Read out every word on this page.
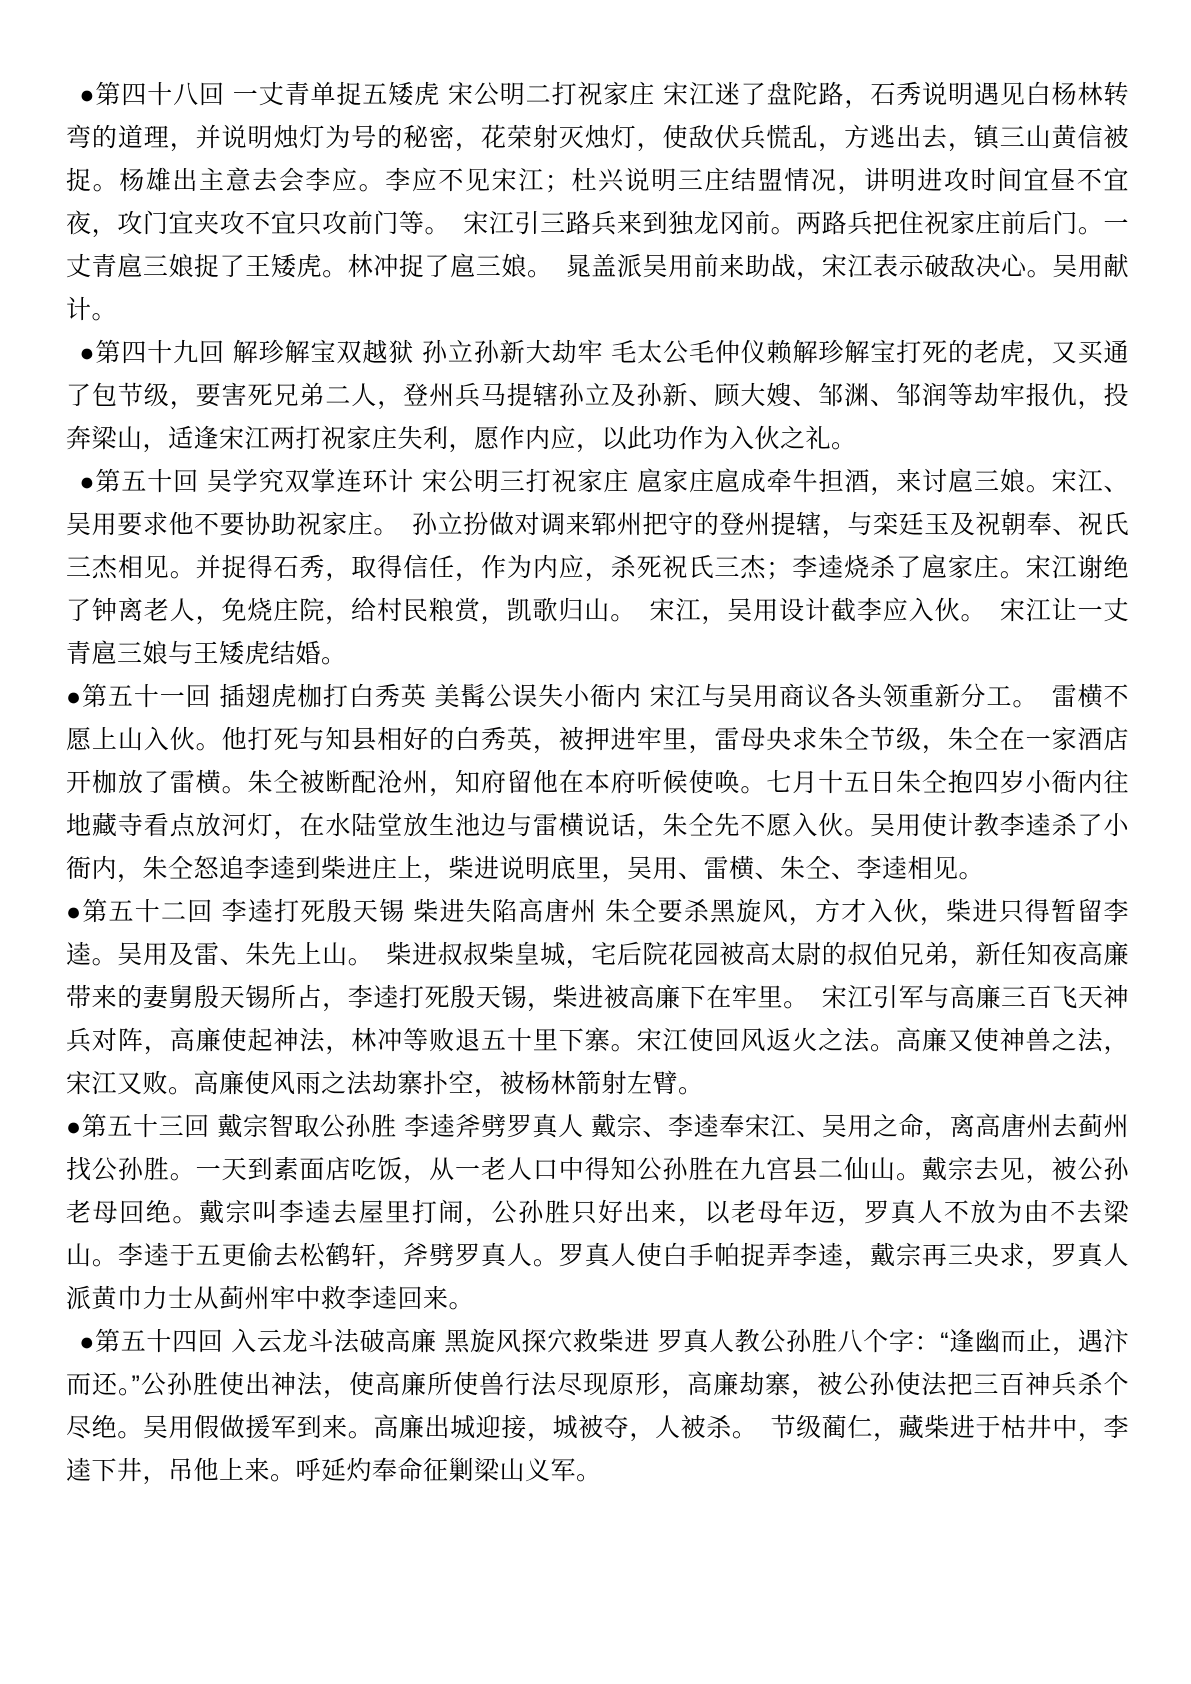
 ●第四十八回 一丈青单捉五矮虎 宋公明二打祝家庄 宋江迷了盘陀路，石秀说明遇见白杨林转弯的道理，并说明烛灯为号的秘密，花荣射灭烛灯，使敌伏兵慌乱，方逃出去，镇三山黄信被捉。杨雄出主意去会李应。李应不见宋江；杜兴说明三庄结盟情况，讲明进攻时间宜昼不宜夜，攻门宜夹攻不宜只攻前门等。　宋江引三路兵来到独龙冈前。两路兵把住祝家庄前后门。一丈青扈三娘捉了王矮虎。林冲捉了扈三娘。　晁盖派吴用前来助战，宋江表示破敌决心。吴用献计。

 ●第四十九回 解珍解宝双越狱 孙立孙新大劫牢 毛太公毛仲仪赖解珍解宝打死的老虎，又买通了包节级，要害死兄弟二人，登州兵马提辖孙立及孙新、顾大嫂、邹渊、邹润等劫牢报仇，投奔梁山，适逢宋江两打祝家庄失利，愿作内应，以此功作为入伙之礼。

 ●第五十回 吴学究双掌连环计 宋公明三打祝家庄 扈家庄扈成牵牛担酒，来讨扈三娘。宋江、吴用要求他不要协助祝家庄。　孙立扮做对调来郓州把守的登州提辖，与栾廷玉及祝朝奉、祝氏三杰相见。并捉得石秀，取得信任，作为内应，杀死祝氏三杰；李逵烧杀了扈家庄。宋江谢绝了钟离老人，免烧庄院，给村民粮赏，凯歌归山。　宋江，吴用设计截李应入伙。　宋江让一丈青扈三娘与王矮虎结婚。

●第五十一回 插翅虎枷打白秀英 美髯公误失小衙内 宋江与吴用商议各头领重新分工。　雷横不愿上山入伙。他打死与知县相好的白秀英，被押进牢里，雷母央求朱仝节级，朱仝在一家酒店开枷放了雷横。朱仝被断配沧州，知府留他在本府听候使唤。七月十五日朱仝抱四岁小衙内往地藏寺看点放河灯，在水陆堂放生池边与雷横说话，朱仝先不愿入伙。吴用使计教李逵杀了小衙内，朱仝怒追李逵到柴进庄上，柴进说明底里，吴用、雷横、朱仝、李逵相见。

●第五十二回 李逵打死殷天锡 柴进失陷高唐州 朱仝要杀黑旋风，方才入伙，柴进只得暂留李逵。吴用及雷、朱先上山。　柴进叔叔柴皇城，宅后院花园被高太尉的叔伯兄弟，新任知夜高廉带来的妻舅殷天锡所占，李逵打死殷天锡，柴进被高廉下在牢里。　宋江引军与高廉三百飞天神兵对阵，高廉使起神法，林冲等败退五十里下寨。宋江使回风返火之法。高廉又使神兽之法，宋江又败。高廉使风雨之法劫寨扑空，被杨林箭射左臂。

●第五十三回 戴宗智取公孙胜 李逵斧劈罗真人 戴宗、李逵奉宋江、吴用之命，离高唐州去蓟州找公孙胜。一天到素面店吃饭，从一老人口中得知公孙胜在九宫县二仙山。戴宗去见，被公孙老母回绝。戴宗叫李逵去屋里打闹，公孙胜只好出来，以老母年迈，罗真人不放为由不去梁山。李逵于五更偷去松鹤轩，斧劈罗真人。罗真人使白手帕捉弄李逵，戴宗再三央求，罗真人派黄巾力士从蓟州牢中救李逵回来。

 ●第五十四回 入云龙斗法破高廉 黑旋风探穴救柴进 罗真人教公孙胜八个字：“逢幽而止，遇汴而还。”公孙胜使出神法，使高廉所使兽行法尽现原形，高廉劫寨，被公孙使法把三百神兵杀个尽绝。吴用假做援军到来。高廉出城迎接，城被夺，人被杀。　节级蔺仁，藏柴进于枯井中，李逵下井，吊他上来。呼延灼奉命征剿梁山义军。
